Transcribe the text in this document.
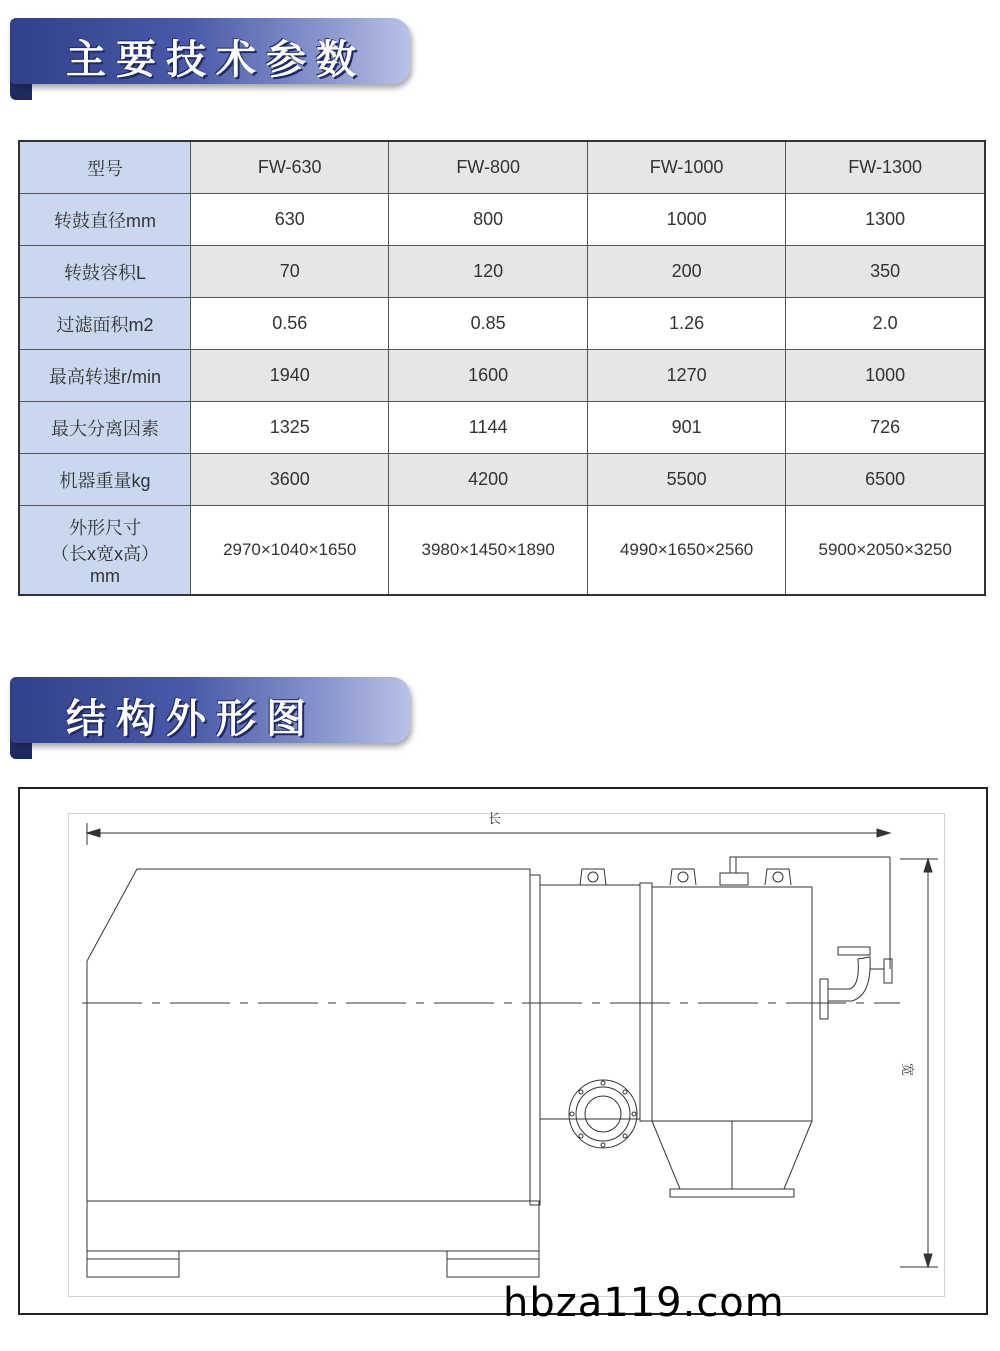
主要技术参数
型号	FW-630	FW-800	FW-1000	FW-1300
转鼓直径mm	630	800	1000	1300
转鼓容积L	70	120	200	350
过滤面积m2	0.56	0.85	1.26	2.0
最高转速r/min	1940	1600	1270	1000
最大分离因素	1325	1144	901	726
机器重量kg	3600	4200	5500	6500

外形尺寸
（长x宽x高）
mm	2970×1040×1650	3980×1450×1890	4990×1650×2560	5900×2050×3250
结构外形图
长
宽
hbza119.com
